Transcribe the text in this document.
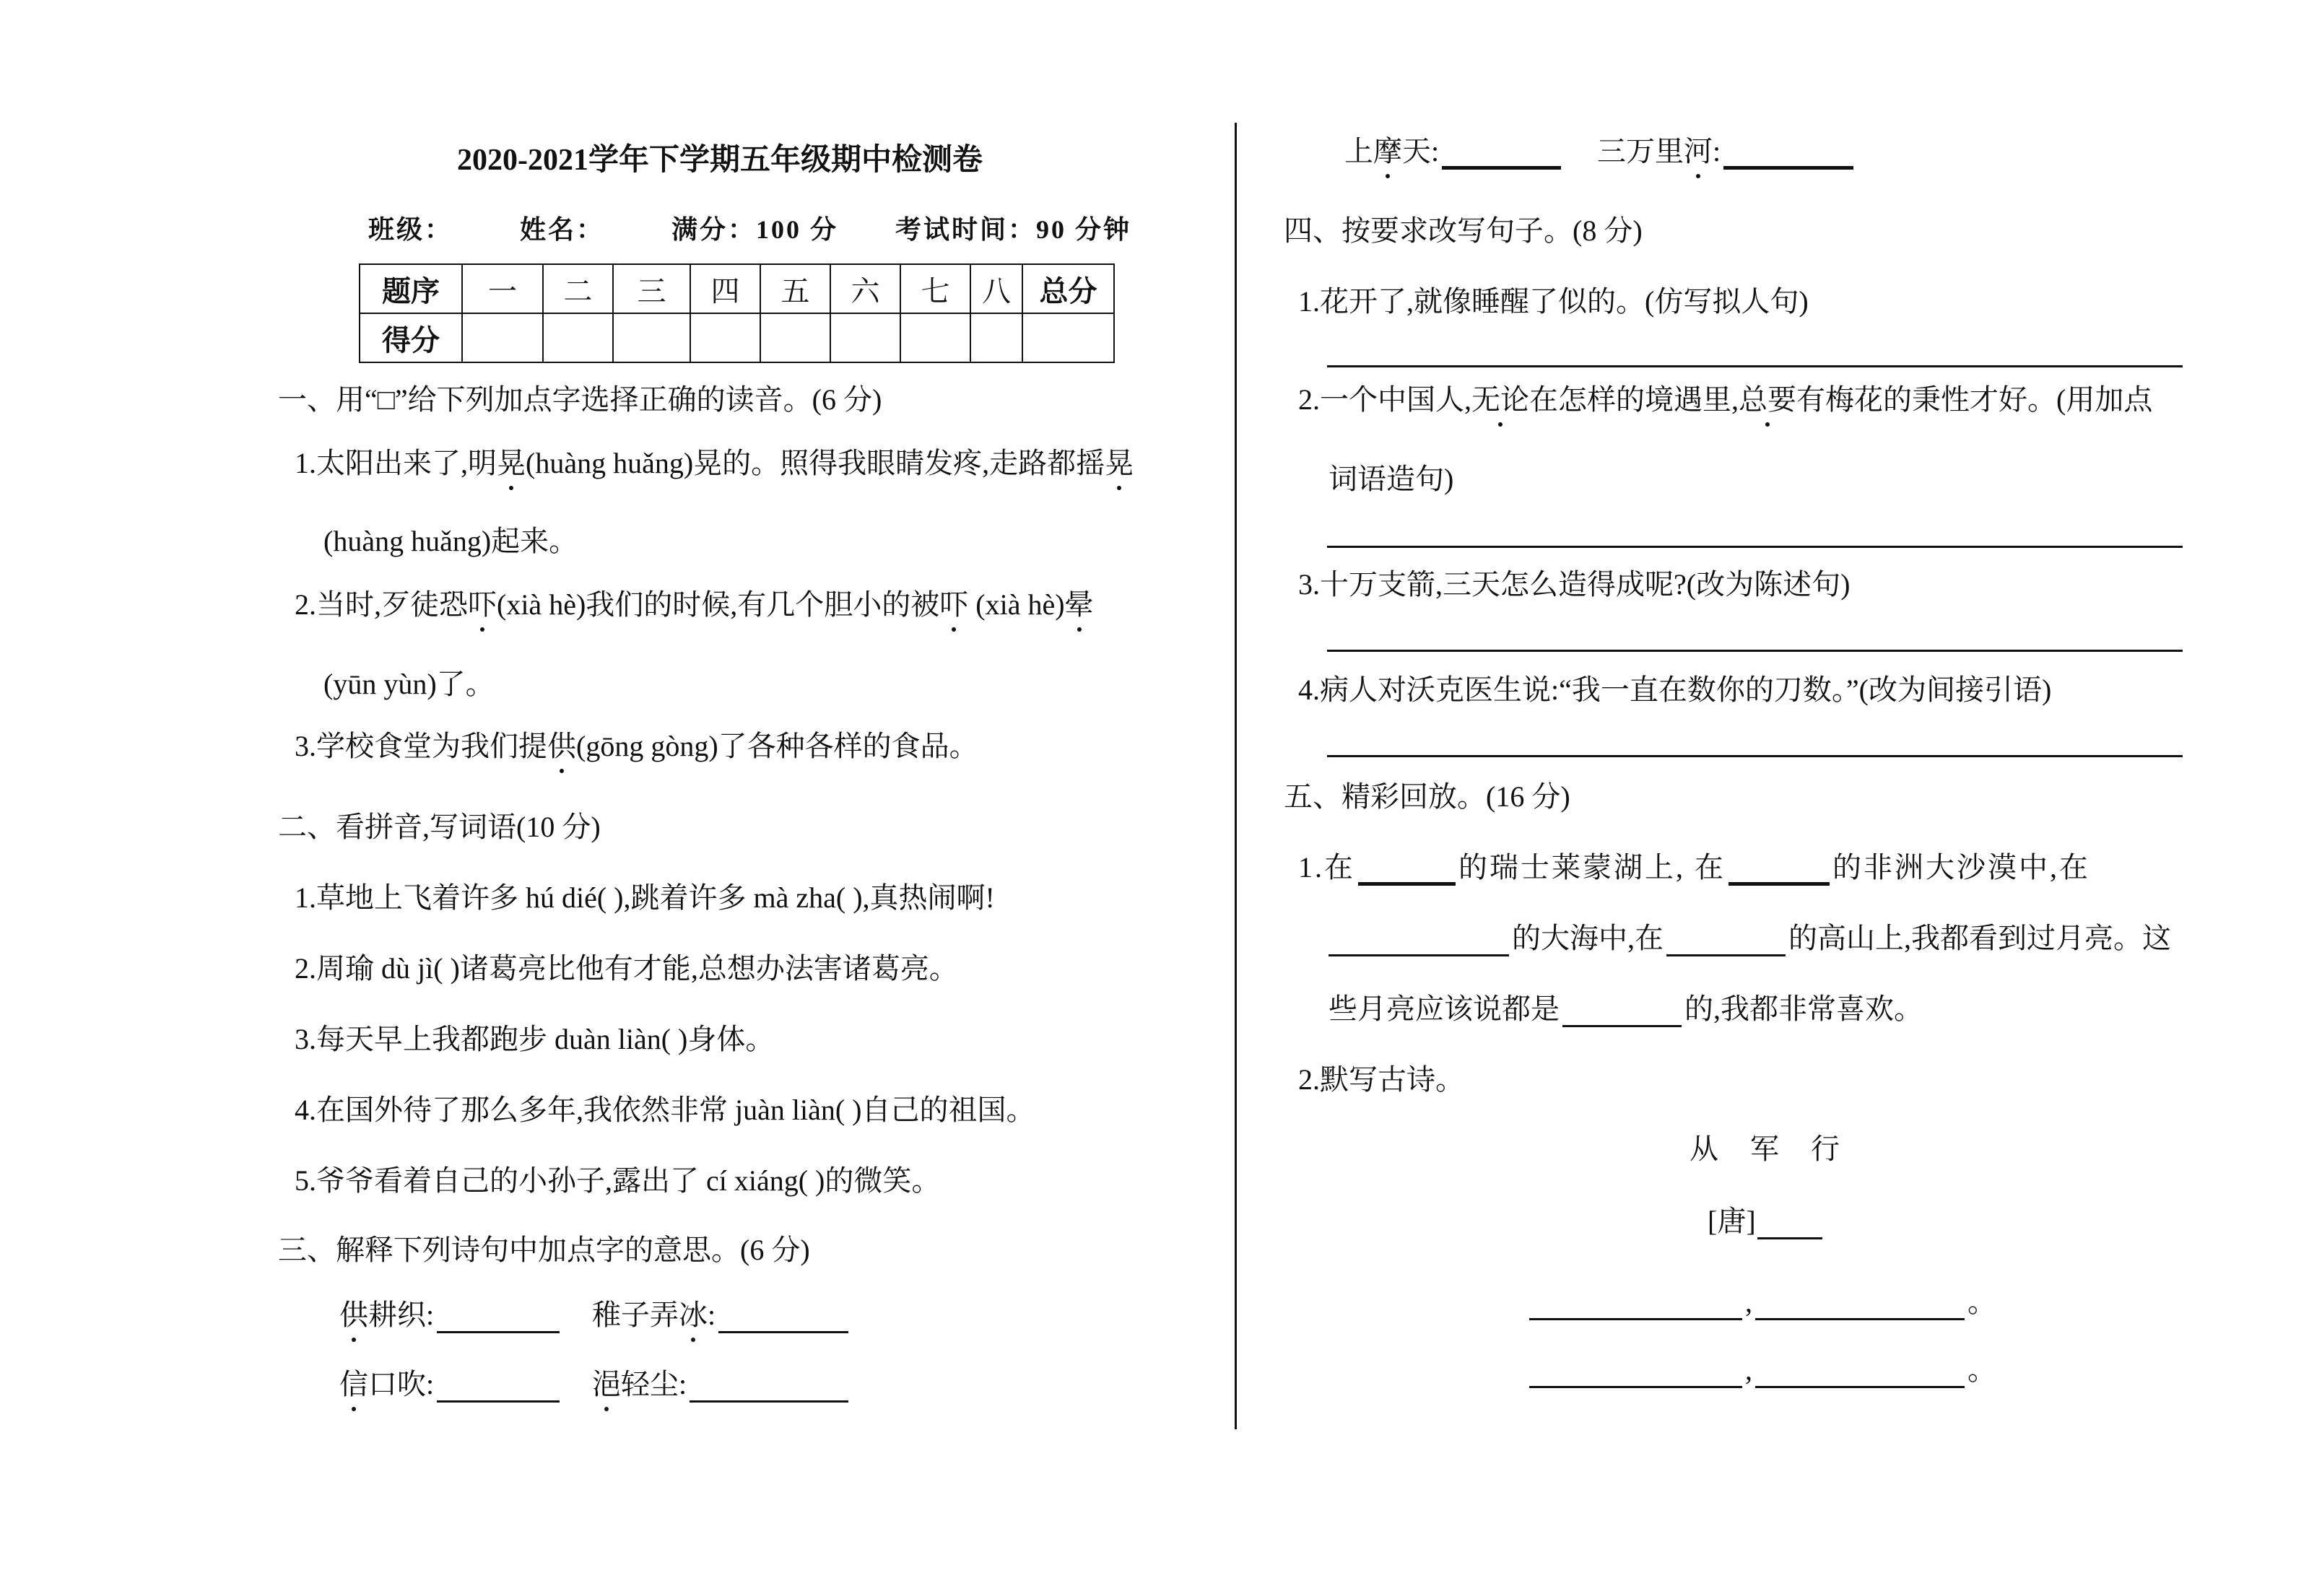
2020-2021学年下学期五年级期中检测卷
班级：	姓名：	满分：100 分 考试时间：90 分钟
题序	一	二	三	四	五	六	七	八	总分
得分									
一、用“□”给下列加点字选择正确的读音。(6 分)
1.太阳出来了,明晃(huàng huǎng)晃的。照得我眼睛发疼,走路都摇晃
(huàng huǎng)起来。
2.当时,歹徒恐吓(xià hè)我们的时候,有几个胆小的被吓 (xià hè)晕
(yūn yùn)了。
3.学校食堂为我们提供(gōng gòng)了各种各样的食品。
二、看拼音,写词语(10 分)
1.草地上飞着许多 hú dié( ),跳着许多 mà zha( ),真热闹啊!
2.周瑜 dù jì( )诸葛亮比他有才能,总想办法害诸葛亮。
3.每天早上我都跑步 duàn liàn( )身体。
4.在国外待了那么多年,我依然非常 juàn liàn( )自己的祖国。
5.爷爷看着自己的小孙子,露出了 cí xiáng( )的微笑。
三、解释下列诗句中加点字的意思。(6 分)
供耕织:	稚子弄冰:
信口吹:	浥轻尘:
上摩天:	三万里河:
四、按要求改写句子。(8 分)
1.花开了,就像睡醒了似的。(仿写拟人句)
2.一个中国人,无论在怎样的境遇里,总要有梅花的秉性才好。(用加点
词语造句)
3.十万支箭,三天怎么造得成呢?(改为陈述句)
4.病人对沃克医生说:“我一直在数你的刀数。”(改为间接引语)
五、精彩回放。(16 分)
1.在	的瑞士莱蒙湖上, 在	的非洲大沙漠中,在
的大海中,在	的高山上,我都看到过月亮。这
些月亮应该说都是	的,我都非常喜欢。
2.默写古诗。
从  军  行
[唐]
,	。
,	。
